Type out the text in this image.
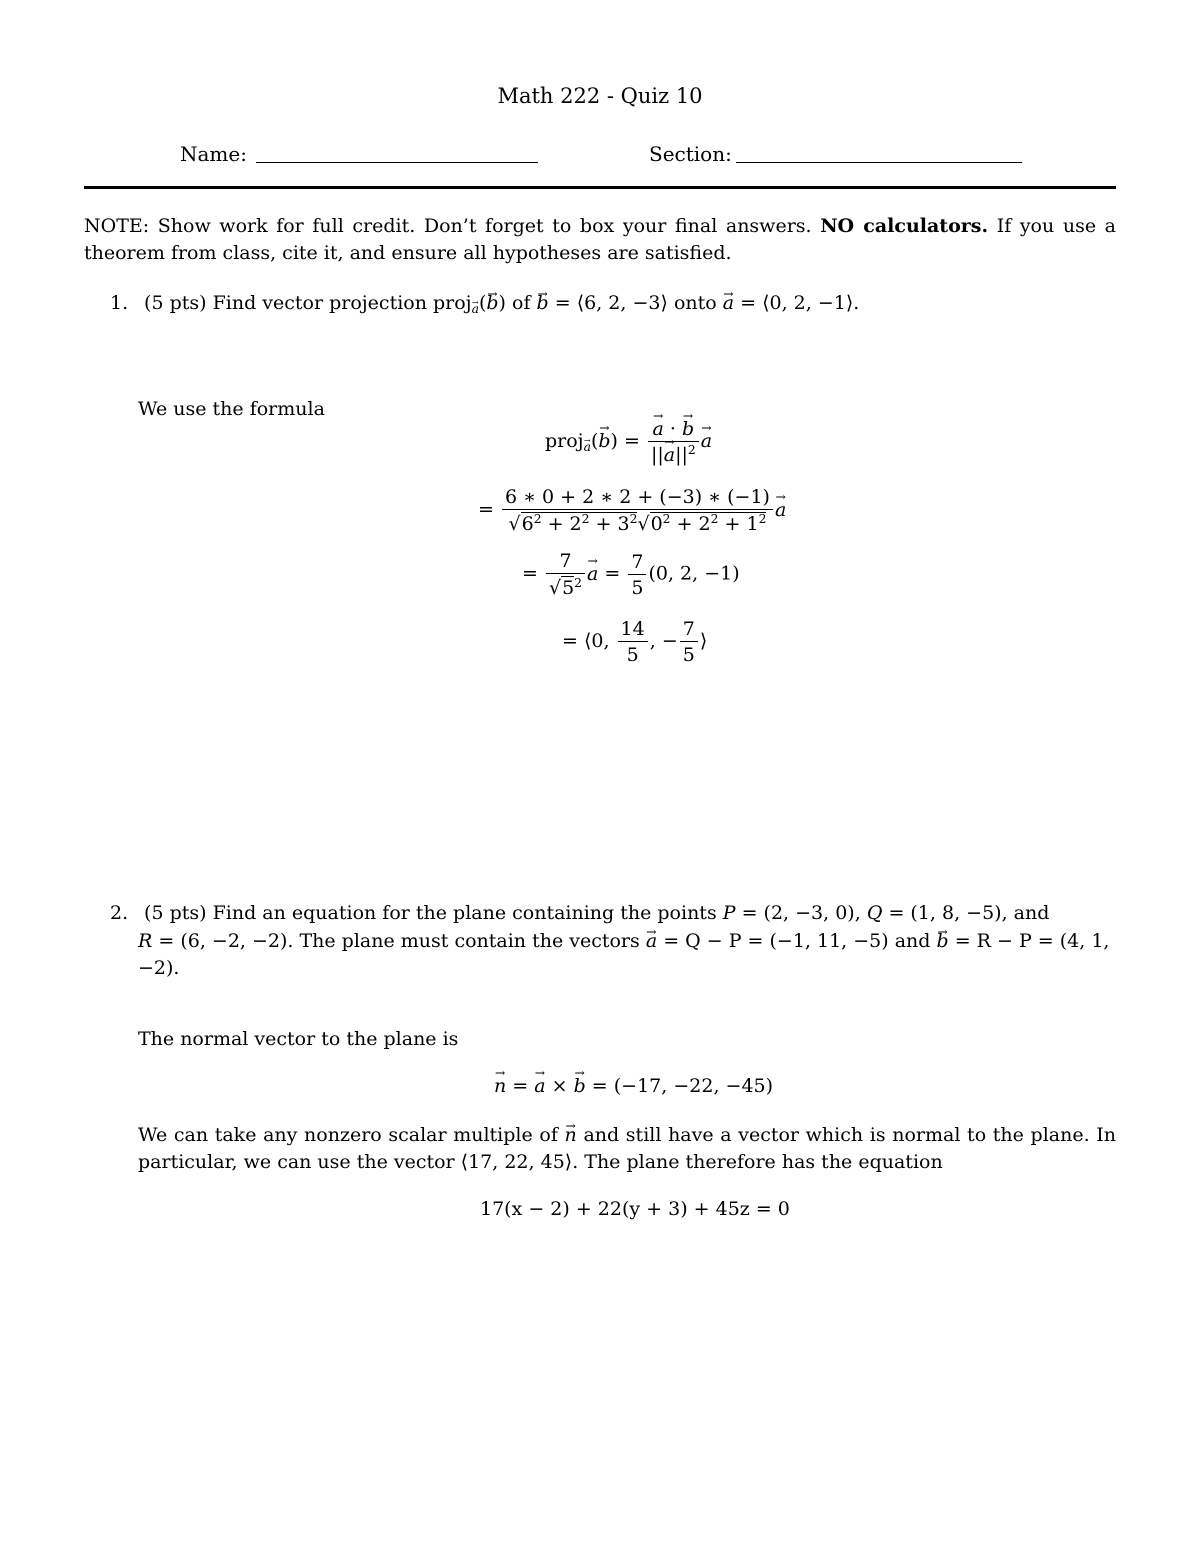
Math 222 - Quiz 10
Name:	Section:
NOTE: Show work for full credit. Don’t forget to box your final answers. NO calculators. If you use a theorem from class, cite it, and ensure all hypotheses are satisfied.
1. (5 pts) Find vector projection proj$_a$(b →) of b → = ⟨6, 2, −3⟩ onto a → = ⟨0, 2, −1⟩.
We use the formula
proj$_a$(b →) = $\frac{a \to \cdot b \to}{||a \to||^2}$ a →
= $\frac{6 ∗ 0 + 2 ∗ 2 + (-3) ∗ (-1)}{√6^2 + 2^2 + 3^2√0^2 + 2^2 + 1^2}$ a →
= $\frac{7}{√5^2}$ a → = $\frac{7}{5} (0$, 2, −1)
= ⟨0, $\frac{14}{5}$ , − $\frac{7}{5}$ ⟩
2. (5 pts) Find an equation for the plane containing the points P = (2, −3, 0), Q = (1, 8, −5), and
R = (6, −2, −2). The plane must contain the vectors a → = Q − P = (−1, 11, −5) and b → = R − P = (4, 1, −2).
The normal vector to the plane is
n → = a → × b → = (−17, −22, −45)
We can take any nonzero scalar multiple of n → and still have a vector which is normal to the plane. In particular, we can use the vector ⟨17, 22, 45⟩. The plane therefore has the equation
17(x − 2) + 22(y + 3) + 45z = 0
